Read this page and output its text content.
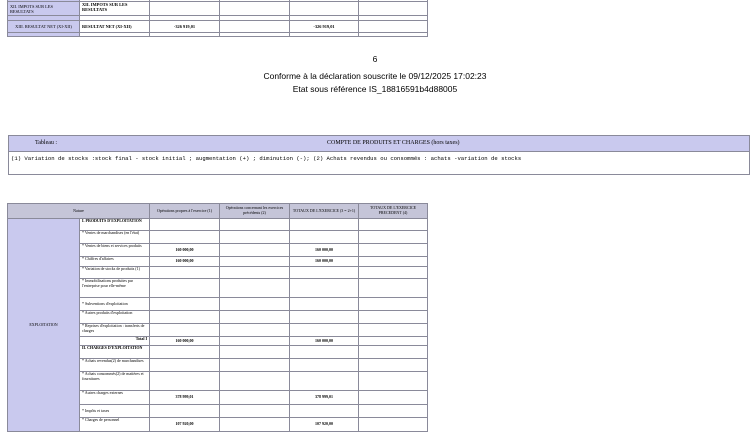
XII. IMPOTS SUR LES RESULTATS	XII. IMPOTS SUR LES RESULTATS				

XIII. RESULTAT NET (XI-XII)	RESULTAT NET (XI-XII)	-326 919,01		-326 919,01	

6
Conforme à la déclaration souscrite le 09/12/2025 17:02:23
Etat sous référence IS_18816591b4d88005
Tableau :	COMPTE DE PRODUITS ET CHARGES (hors taxes)
(1) Variation de stocks :stock final - stock initial ; augmentation (+) ; diminution (-); (2) Achats revendus ou consommés : achats -variation de stocks
Nature		Opérations propres à l'exercice (1)	Opérations concernant les exercices précédents (2)	TOTAUX DE L'EXERCICE (3 = 2+1)	TOTAUX DE L'EXERCICE PRECEDENT (4)
EXPLOITATION	I. PRODUITS D'EXPLOITATION				
	* Ventes de marchandises (en l'état)				
	* Ventes de biens et services produits	160 000,00		160 000,00	
	* Chiffres d'affaires	160 000,00		160 000,00	
	* Variation de stocks de produits (1)				
	* Immobilisations produites par l'entreprise pour elle-même				
	* Subventions d'exploitation				
	* Autres produits d'exploitation				
	* Reprises d'exploitation : transferts de charges				
	Total I	160 000,00		160 000,00	
	II. CHARGES D'EXPLOITATION				
	* Achats revendus(2) de marchandises				
	* Achats consommés(2) de matières et fournitures				
	* Autres charges externes	378 999,01		378 999,01	
	* Impôts et taxes				
	* Charges de personnel	107 920,00		107 920,00	
